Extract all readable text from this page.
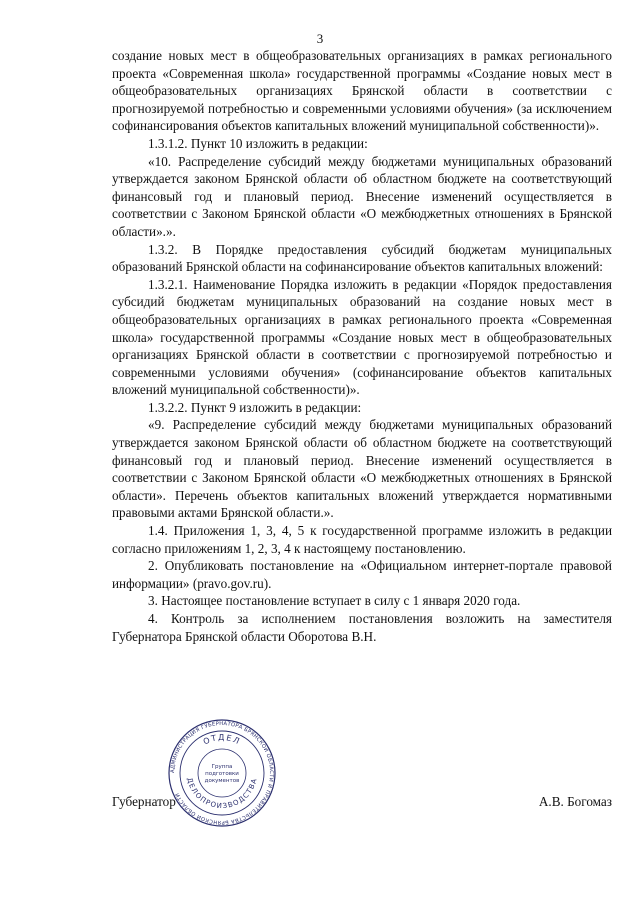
3

создание новых мест в общеобразовательных организациях в рамках регионального проекта «Современная школа» государственной программы «Создание новых мест в общеобразовательных организациях Брянской области в соответствии с прогнозируемой потребностью и современными условиями обучения» (за исключением софинансирования объектов капитальных вложений муниципальной собственности)».

1.3.1.2. Пункт 10 изложить в редакции:

«10. Распределение субсидий между бюджетами муниципальных образований утверждается законом Брянской области об областном бюджете на соответствующий финансовый год и плановый период. Внесение изменений осуществляется в соответствии с Законом Брянской области «О межбюджетных отношениях в Брянской области».».

1.3.2. В Порядке предоставления субсидий бюджетам муниципальных образований Брянской области на софинансирование объектов капитальных вложений:

1.3.2.1. Наименование Порядка изложить в редакции «Порядок предоставления субсидий бюджетам муниципальных образований на создание новых мест в общеобразовательных организациях в рамках регионального проекта «Современная школа» государственной программы «Создание новых мест в общеобразовательных организациях Брянской области в соответствии с прогнозируемой потребностью и современными условиями обучения» (софинансирование объектов капитальных вложений муниципальной собственности)».

1.3.2.2. Пункт 9 изложить в редакции:

«9. Распределение субсидий между бюджетами муниципальных образований утверждается законом Брянской области об областном бюджете на соответствующий финансовый год и плановый период. Внесение изменений осуществляется в соответствии с Законом Брянской области «О межбюджетных отношениях в Брянской области». Перечень объектов капитальных вложений утверждается нормативными правовыми актами Брянской области.».

1.4. Приложения 1, 3, 4, 5 к государственной программе изложить в редакции согласно приложениям 1, 2, 3, 4 к настоящему постановлению.

2. Опубликовать постановление на «Официальном интернет-портале правовой информации» (pravo.gov.ru).

3. Настоящее постановление вступает в силу с 1 января 2020 года.

4. Контроль за исполнением постановления возложить на заместителя Губернатора Брянской области Оборотова В.Н.

АДМИНИСТРАЦИЯ ГУБЕРНАТОРА БРЯНСКОЙ ОБЛАСТИ И ПРАВИТЕЛЬСТВА БРЯНСКОЙ ОБЛАСТИ
ОТДЕЛ
ДЕЛОПРОИЗВОДСТВА
Группа
подготовки
документов
Губернатор	А.В. Богомаз
